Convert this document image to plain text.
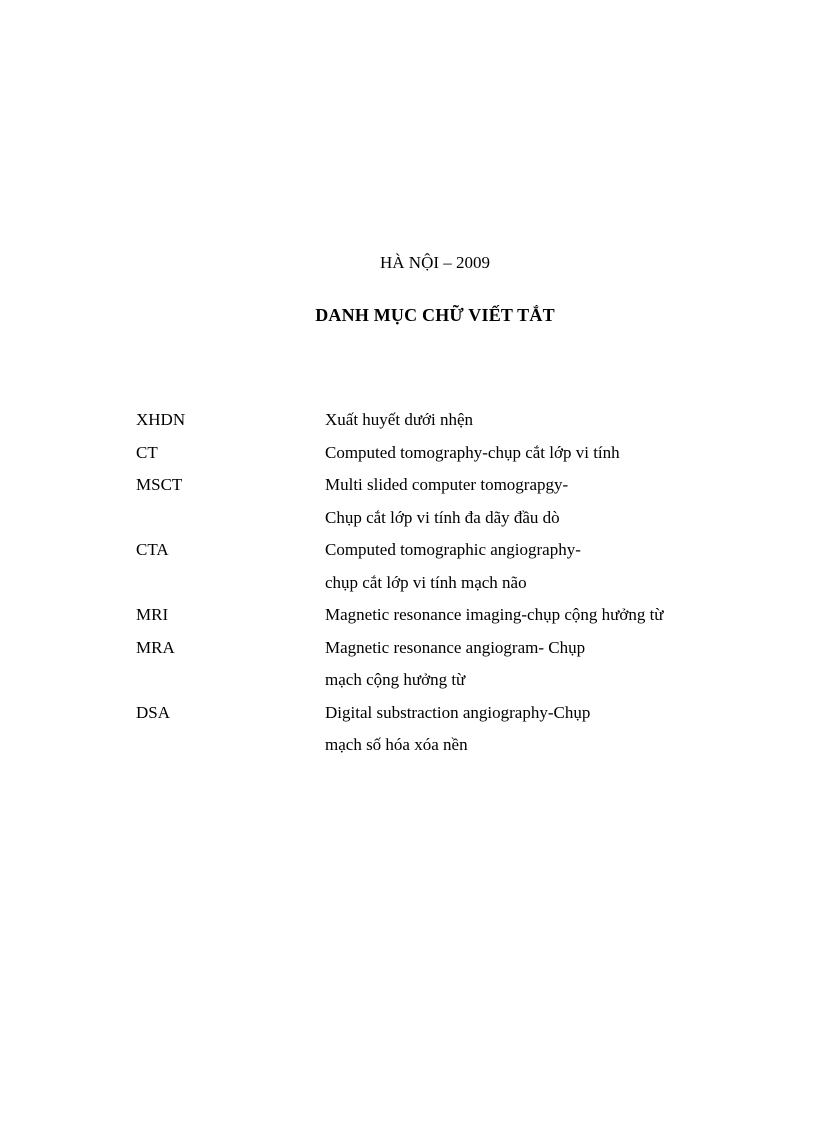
HÀ NỘI – 2009
DANH MỤC CHỮ VIẾT TẮT
XHDN	Xuất huyết dưới nhện
CT	Computed tomography-chụp cắt lớp vi tính
MSCT	Multi slided computer tomograpgy-
Chụp cắt lớp vi tính đa dãy đầu dò
CTA	Computed tomographic angiography-
chụp cắt lớp vi tính mạch não
MRI	Magnetic resonance imaging-chụp cộng hưởng từ
MRA	Magnetic resonance angiogram- Chụp
mạch cộng hưởng từ
DSA	Digital substraction angiography-Chụp
mạch số hóa xóa nền
